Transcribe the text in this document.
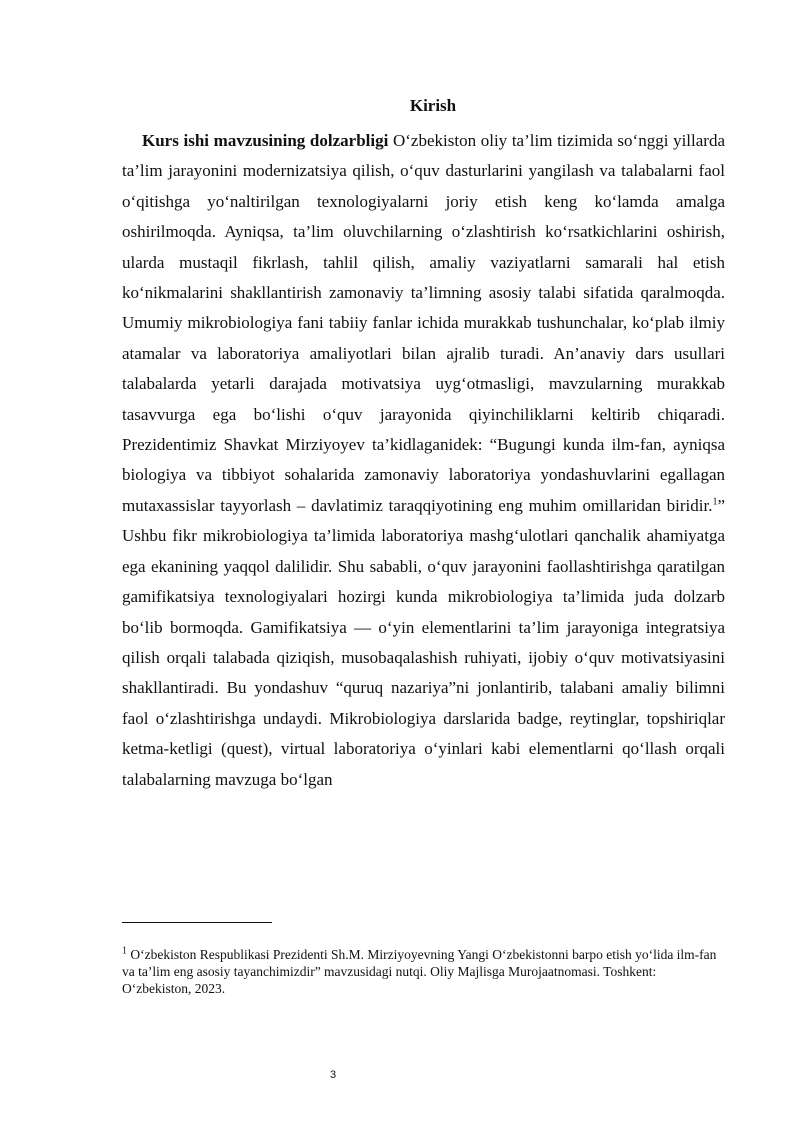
Kirish

Kurs ishi mavzusining dolzarbligi O‘zbekiston oliy ta’lim tizimida so‘nggi yillarda ta’lim jarayonini modernizatsiya qilish, o‘quv dasturlarini yangilash va talabalarni faol o‘qitishga yo‘naltirilgan texnologiyalarni joriy etish keng ko‘lamda amalga oshirilmoqda. Ayniqsa, ta’lim oluvchilarning o‘zlashtirish ko‘rsatkichlarini oshirish, ularda mustaqil fikrlash, tahlil qilish, amaliy vaziyatlarni samarali hal etish ko‘nikmalarini shakllantirish zamonaviy ta’limning asosiy talabi sifatida qaralmoqda. Umumiy mikrobiologiya fani tabiiy fanlar ichida murakkab tushunchalar, ko‘plab ilmiy atamalar va laboratoriya amaliyotlari bilan ajralib turadi. An’anaviy dars usullari talabalarda yetarli darajada motivatsiya uyg‘otmasligi, mavzularning murakkab tasavvurga ega bo‘lishi o‘quv jarayonida qiyinchiliklarni keltirib chiqaradi. Prezidentimiz Shavkat Mirziyoyev ta’kidlaganidek: “Bugungi kunda ilm-fan, ayniqsa biologiya va tibbiyot sohalarida zamonaviy laboratoriya yondashuvlarini egallagan mutaxassislar tayyorlash – davlatimiz taraqqiyotining eng muhim omillaridan biridir.$^1$” Ushbu fikr mikrobiologiya ta’limida laboratoriya mashg‘ulotlari qanchalik ahamiyatga ega ekanining yaqqol dalilidir. Shu sababli, o‘quv jarayonini faollashtirishga qaratilgan gamifikatsiya texnologiyalari hozirgi kunda mikrobiologiya ta’limida juda dolzarb bo‘lib bormoqda. Gamifikatsiya — o‘yin elementlarini ta’lim jarayoniga integratsiya qilish orqali talabada qiziqish, musobaqalashish ruhiyati, ijobiy o‘quv motivatsiyasini shakllantiradi. Bu yondashuv “quruq nazariya”ni jonlantirib, talabani amaliy bilimni faol o‘zlashtirishga undaydi. Mikrobiologiya darslarida badge, reytinglar, topshiriqlar ketma-ketligi (quest), virtual laboratoriya o‘yinlari kabi elementlarni qo‘llash orqali talabalarning mavzuga bo‘lgan

$^1$ O‘zbekiston Respublikasi Prezidenti Sh.M. Mirziyoyevning Yangi O‘zbekistonni barpo etish yo‘lida ilm-fan va ta’lim eng asosiy tayanchimizdir” mavzusidagi nutqi. Oliy Majlisga Murojaatnomasi. Toshkent: O‘zbekiston, 2023.

3
